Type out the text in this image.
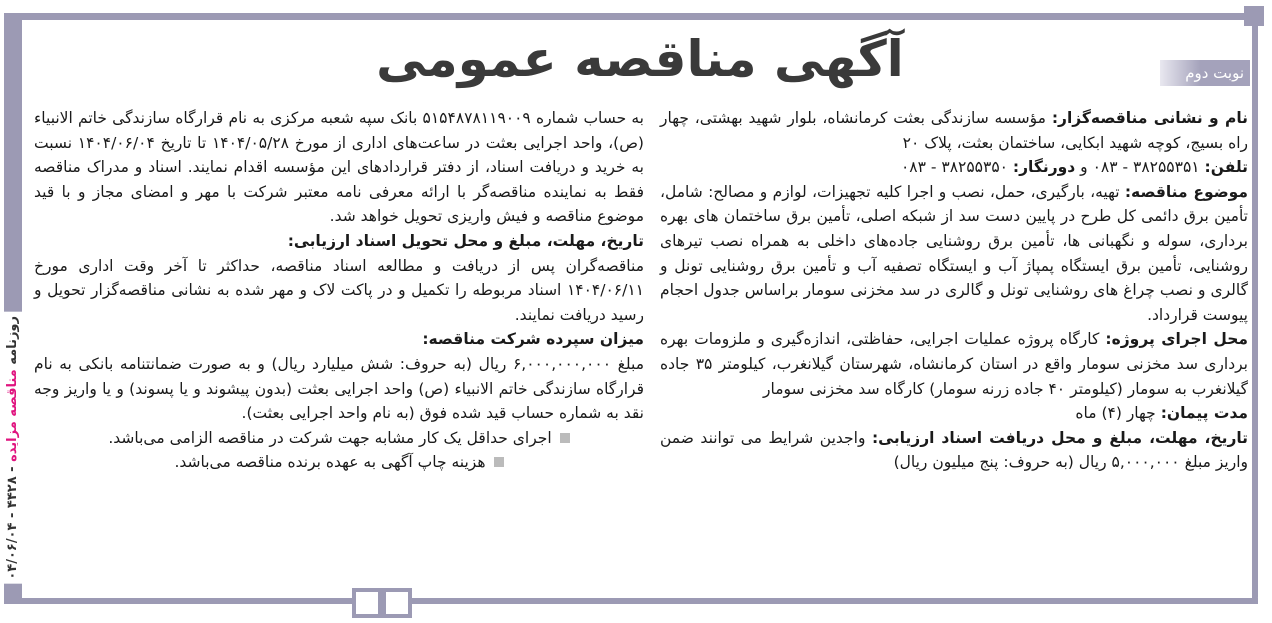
روزنامه مناقصه مزایده - ۴۴۲۸ - ۰۴/۰۶/۰۴
آگهی مناقصه عمومی	نوبت دوم

نام و نشانی مناقصه‌گزار: مؤسسه سازندگی بعثت کرمانشاه، بلوار شهید بهشتی، چهار راه بسیج، کوچه شهید ابکایی، ساختمان بعثت، پلاک ۲۰

تلفن: ۳۸۲۵۵۳۵۱ - ۰۸۳ و دورنگار: ۳۸۲۵۵۳۵۰ - ۰۸۳

موضوع مناقصه: تهیه، بارگیری، حمل، نصب و اجرا کلیه تجهیزات، لوازم و مصالح: شامل، تأمین برق دائمی کل طرح در پایین دست سد از شبکه اصلی، تأمین برق ساختمان های بهره برداری، سوله و نگهبانی ها، تأمین برق روشنایی جاده‌های داخلی به همراه نصب تیرهای روشنایی، تأمین برق ایستگاه پمپاژ آب و ایستگاه تصفیه آب و تأمین برق روشنایی تونل و گالری و نصب چراغ های روشنایی تونل و گالری در سد مخزنی سومار براساس جدول احجام پیوست قرارداد.

محل اجرای پروژه: کارگاه پروژه عملیات اجرایی، حفاظتی، اندازه‌گیری و ملزومات بهره برداری سد مخزنی سومار واقع در استان کرمانشاه، شهرستان گیلانغرب، کیلومتر ۳۵ جاده گیلانغرب به سومار (کیلومتر ۴۰ جاده زرنه سومار) کارگاه سد مخزنی سومار

مدت پیمان: چهار (۴) ماه

تاریخ، مهلت، مبلغ و محل دریافت اسناد ارزیابی: واجدین شرایط می توانند ضمن واریز مبلغ ۵,۰۰۰,۰۰۰ ریال (به حروف: پنج میلیون ریال)

به حساب شماره ۵۱۵۴۸۷۸۱۱۹۰۰۹ بانک سپه شعبه مرکزی به نام قرارگاه سازندگی خاتم الانبیاء (ص)، واحد اجرایی بعثت در ساعت‌های اداری از مورخ ۱۴۰۴/۰۵/۲۸ تا تاریخ ۱۴۰۴/۰۶/۰۴ نسبت به خرید و دریافت اسناد، از دفتر قراردادهای این مؤسسه اقدام نمایند. اسناد و مدراک مناقصه فقط به نماینده مناقصه‌گر با ارائه معرفی نامه معتبر شرکت با مهر و امضای مجاز و با قید موضوع مناقصه و فیش واریزی تحویل خواهد شد.

تاریخ، مهلت، مبلغ و محل تحویل اسناد ارزیابی:

مناقصه‌گران پس از دریافت و مطالعه اسناد مناقصه، حداکثر تا آخر وقت اداری مورخ ۱۴۰۴/۰۶/۱۱ اسناد مربوطه را تکمیل و در پاکت لاک و مهر شده به نشانی مناقصه‌گزار تحویل و رسید دریافت نمایند.

میزان سپرده شرکت مناقصه:

مبلغ ۶,۰۰۰,۰۰۰,۰۰۰ ریال (به حروف: شش میلیارد ریال) و به صورت ضمانتنامه بانکی به نام قرارگاه سازندگی خاتم الانبیاء (ص) واحد اجرایی بعثت (بدون پیشوند و یا پسوند) و یا واریز وجه نقد به شماره حساب قید شده فوق (به نام واحد اجرایی بعثت).

اجرای حداقل یک کار مشابه جهت شرکت در مناقصه الزامی می‌باشد.

هزینه چاپ آگهی به عهده برنده مناقصه می‌باشد.
